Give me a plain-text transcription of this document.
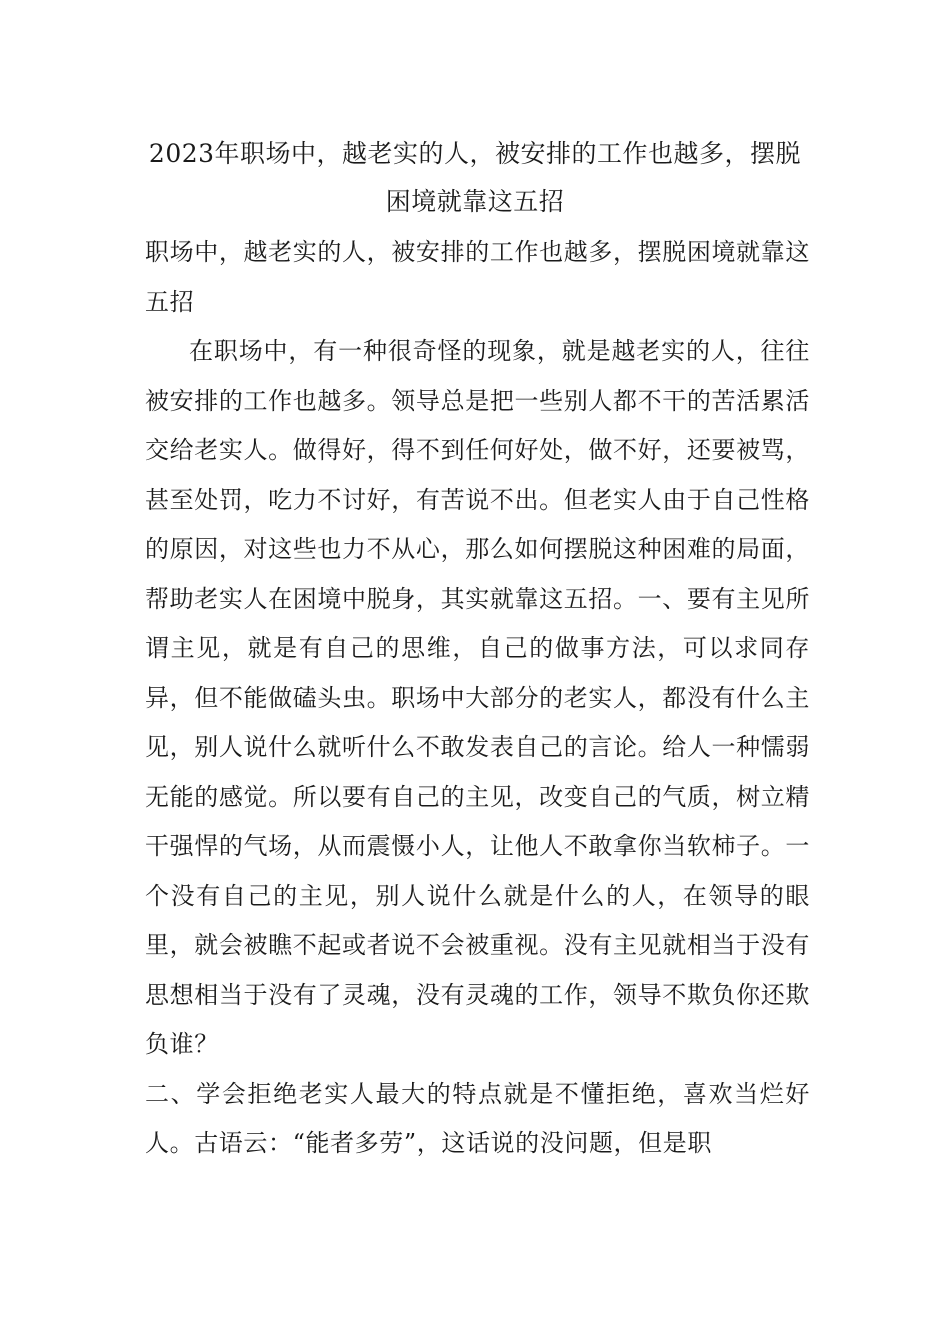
2023年职场中，越老实的人，被安排的工作也越多，摆脱困境就靠这五招

职场中，越老实的人，被安排的工作也越多，摆脱困境就靠这五招

在职场中，有一种很奇怪的现象，就是越老实的人，往往被安排的工作也越多。领导总是把一些别人都不干的苦活累活交给老实人。做得好，得不到任何好处，做不好，还要被骂，甚至处罚，吃力不讨好，有苦说不出。但老实人由于自己性格的原因，对这些也力不从心，那么如何摆脱这种困难的局面，帮助老实人在困境中脱身，其实就靠这五招。一、要有主见所谓主见，就是有自己的思维，自己的做事方法，可以求同存异，但不能做磕头虫。职场中大部分的老实人，都没有什么主见，别人说什么就听什么不敢发表自己的言论。给人一种懦弱无能的感觉。所以要有自己的主见，改变自己的气质，树立精干强悍的气场，从而震慑小人，让他人不敢拿你当软柿子。一个没有自己的主见，别人说什么就是什么的人，在领导的眼里，就会被瞧不起或者说不会被重视。没有主见就相当于没有思想相当于没有了灵魂，没有灵魂的工作，领导不欺负你还欺负谁？

二、学会拒绝老实人最大的特点就是不懂拒绝，喜欢当烂好人。古语云：“能者多劳”，这话说的没问题，但是职
